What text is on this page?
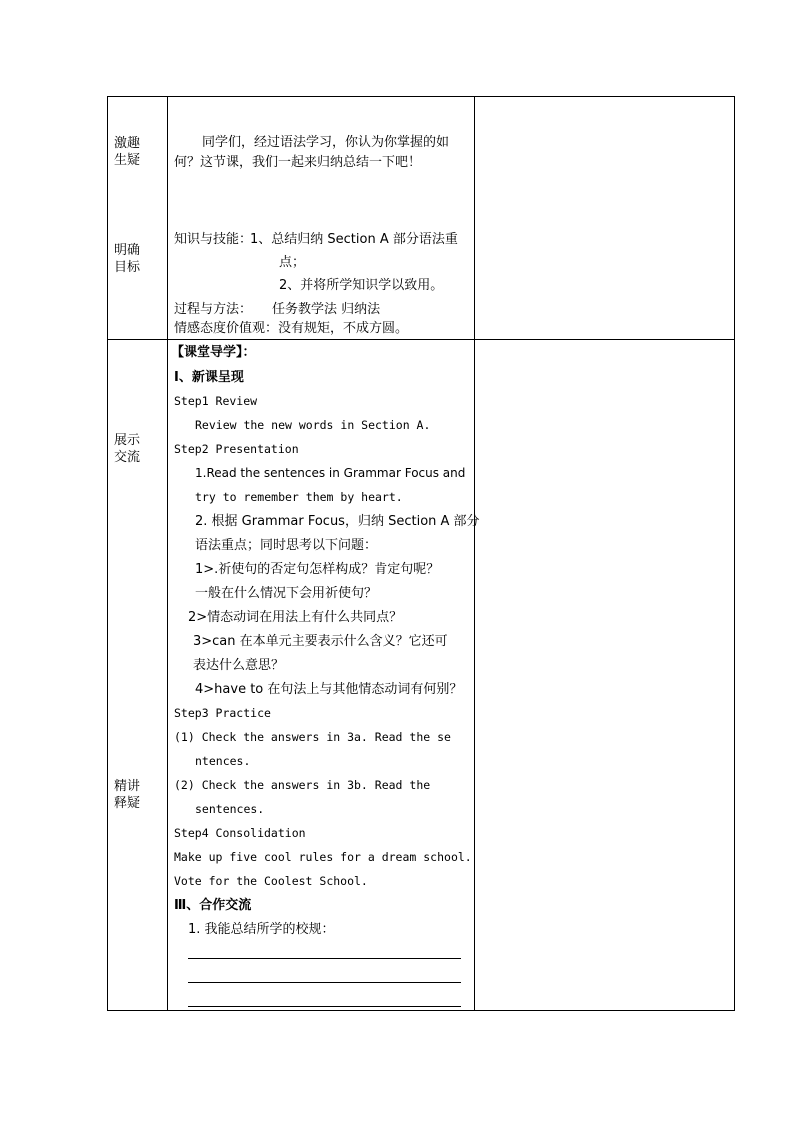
激趣生疑
明确目标
展示交流
精讲释疑
同学们，经过语法学习，你认为你掌握的如
何？这节课，我们一起来归纳总结一下吧！
知识与技能：
1、总结归纳 Section A 部分语法重
点；
2、并将所学知识学以致用。
过程与方法： 任务教学法 归纳法
情感态度价值观：没有规矩，不成方圆。
【课堂导学】：
Ⅰ、新课呈现
Step1 Review
Review the new words in Section A.
Step2 Presentation
1.Read the sentences in Grammar Focus and
try to remember them by heart.
2. 根据 Grammar Focus，归纳 Section A 部分
语法重点；同时思考以下问题：
1>.祈使句的否定句怎样构成？肯定句呢？
一般在什么情况下会用祈使句？
2>情态动词在用法上有什么共同点？
3>can 在本单元主要表示什么含义？它还可
表达什么意思？
4>have to 在句法上与其他情态动词有何别？
Step3 Practice
(1) Check the answers in 3a. Read the se
ntences.
(2) Check the answers in 3b. Read the
sentences.
Step4 Consolidation
Make up five cool rules for a dream school.
Vote for the Coolest School.
Ⅲ、合作交流
1. 我能总结所学的校规：
